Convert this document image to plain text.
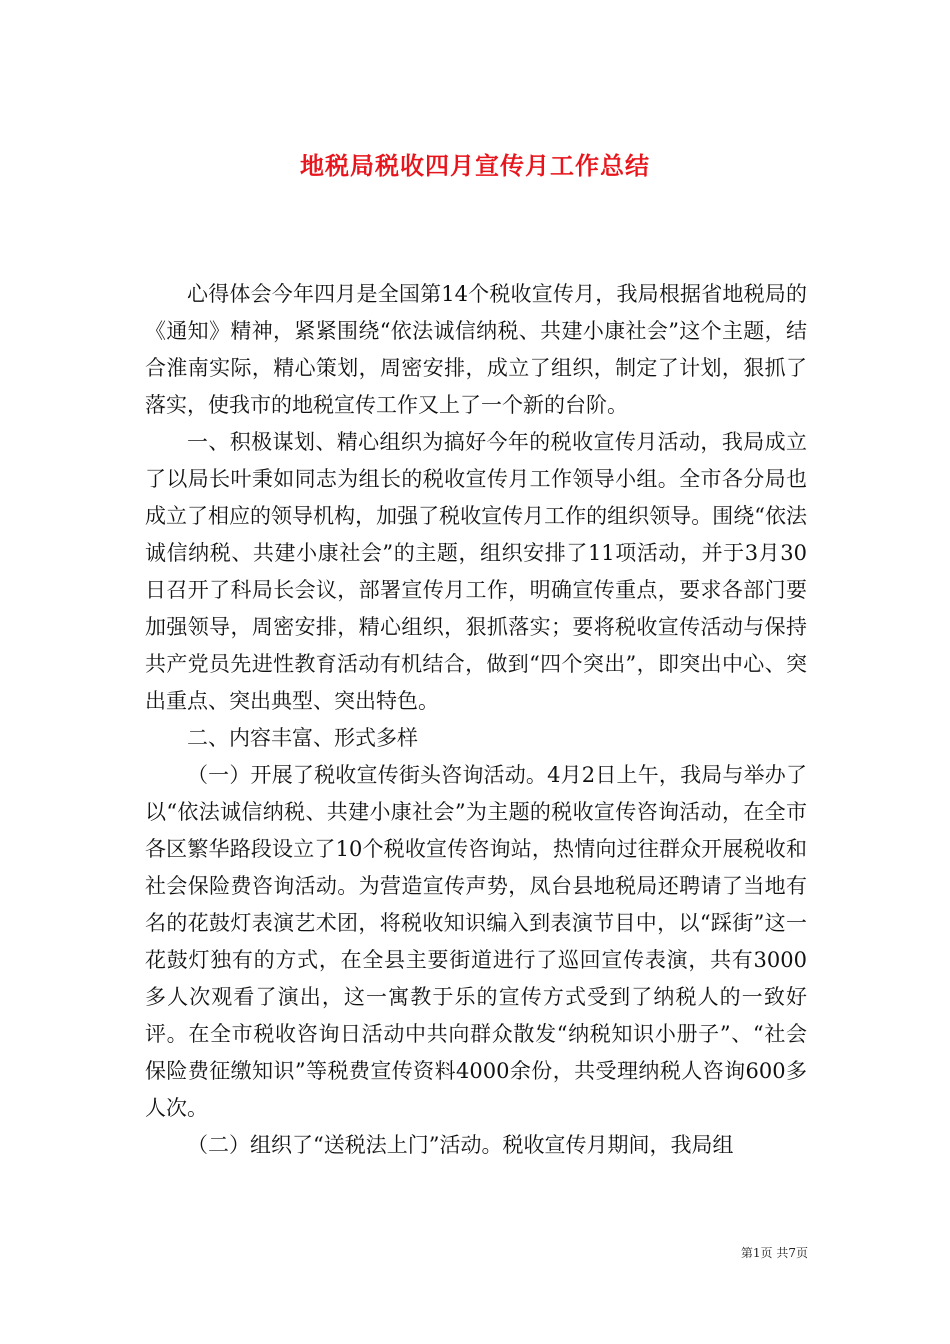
地税局税收四月宣传月工作总结

心得体会今年四月是全国第14个税收宣传月，我局根据省地税局的《通知》精神，紧紧围绕“依法诚信纳税、共建小康社会”这个主题，结合淮南实际，精心策划，周密安排，成立了组织，制定了计划，狠抓了落实，使我市的地税宣传工作又上了一个新的台阶。

一、积极谋划、精心组织为搞好今年的税收宣传月活动，我局成立了以局长叶秉如同志为组长的税收宣传月工作领导小组。全市各分局也成立了相应的领导机构，加强了税收宣传月工作的组织领导。围绕“依法诚信纳税、共建小康社会”的主题，组织安排了11项活动，并于3月30日召开了科局长会议，部署宣传月工作，明确宣传重点，要求各部门要加强领导，周密安排，精心组织，狠抓落实；要将税收宣传活动与保持共产党员先进性教育活动有机结合，做到“四个突出”，即突出中心、突出重点、突出典型、突出特色。

二、内容丰富、形式多样

（一）开展了税收宣传街头咨询活动。4月2日上午，我局与举办了以“依法诚信纳税、共建小康社会”为主题的税收宣传咨询活动，在全市各区繁华路段设立了10个税收宣传咨询站，热情向过往群众开展税收和社会保险费咨询活动。为营造宣传声势，凤台县地税局还聘请了当地有名的花鼓灯表演艺术团，将税收知识编入到表演节目中，以“踩街”这一花鼓灯独有的方式，在全县主要街道进行了巡回宣传表演，共有3000多人次观看了演出，这一寓教于乐的宣传方式受到了纳税人的一致好评。在全市税收咨询日活动中共向群众散发“纳税知识小册子”、“社会保险费征缴知识”等税费宣传资料4000余份，共受理纳税人咨询600多人次。

（二）组织了“送税法上门”活动。税收宣传月期间，我局组

第1页 共7页
